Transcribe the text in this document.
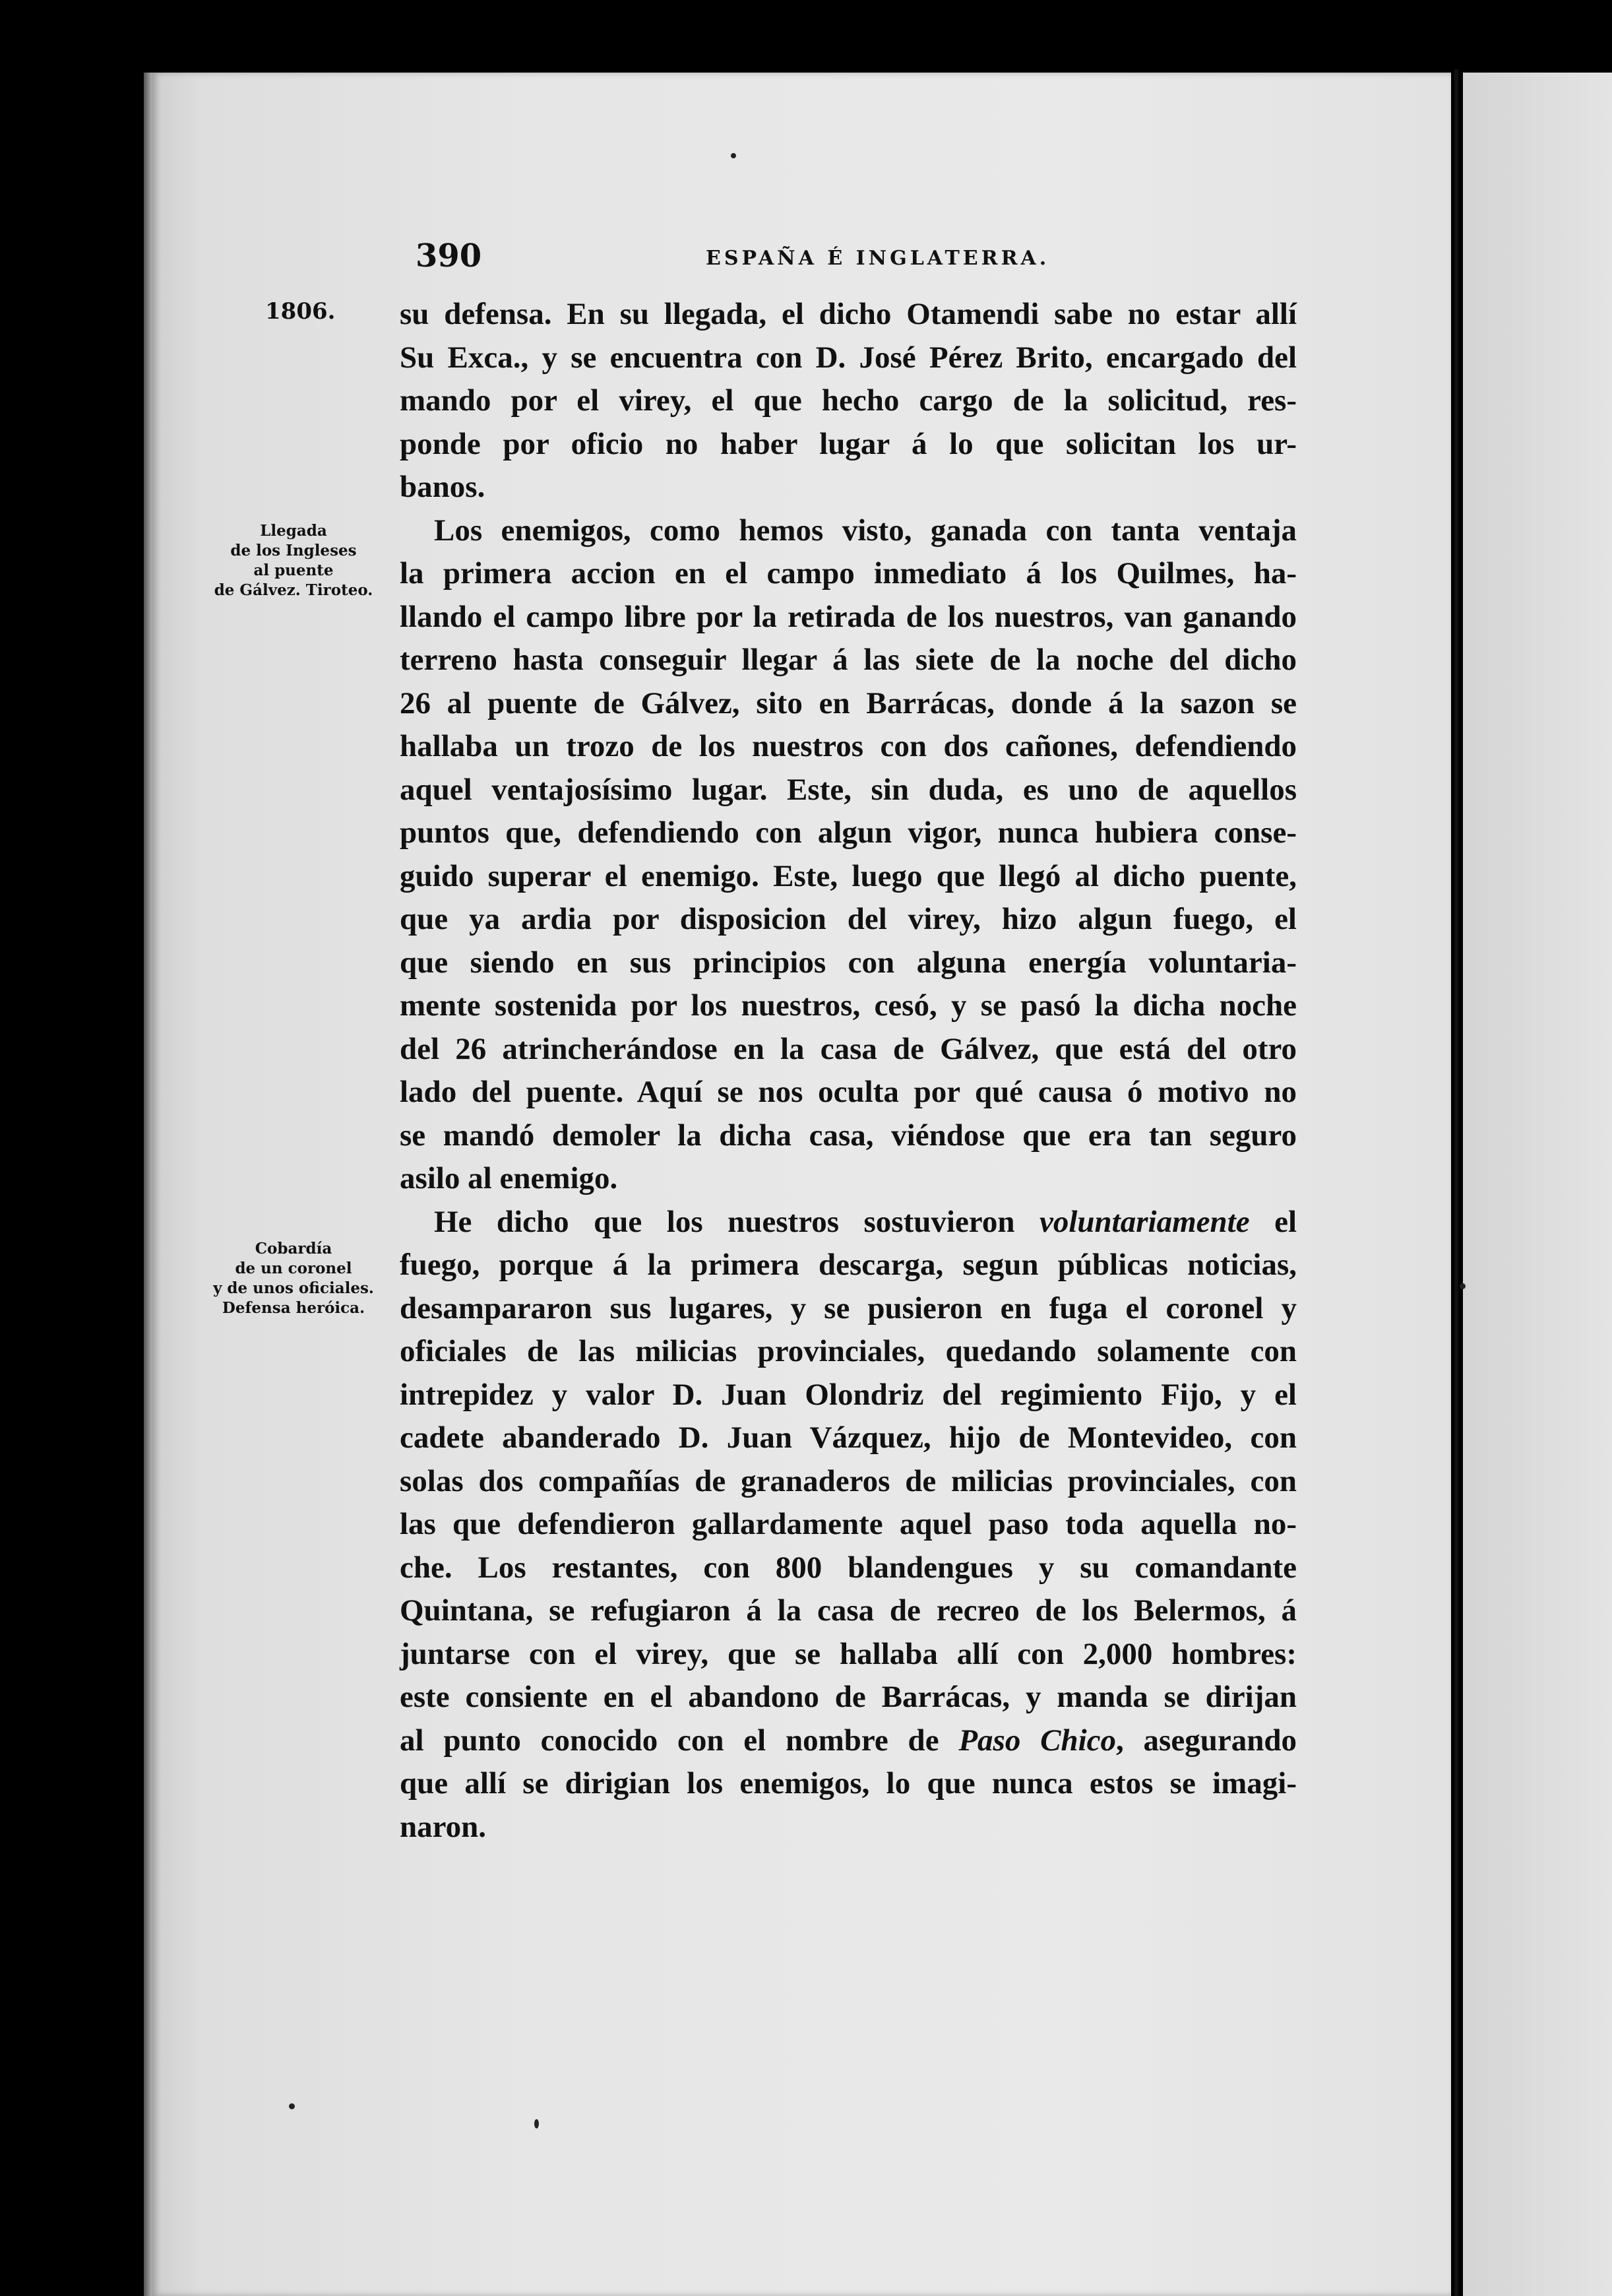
390	ESPAÑA É INGLATERRA.
1806.
Llegada
de los Ingleses
al puente
de Gálvez. Tiroteo.
Cobardía
de un coronel
y de unos oficiales.
Defensa heróica.

su defensa. En su llegada, el dicho Otamendi sabe no estar allí
Su Exca., y se encuentra con D. José Pérez Brito, encargado del
mando por el virey, el que hecho cargo de la solicitud, res-
ponde por oficio no haber lugar á lo que solicitan los ur-
banos.

Los enemigos, como hemos visto, ganada con tanta ventaja
la primera accion en el campo inmediato á los Quilmes, ha-
llando el campo libre por la retirada de los nuestros, van ganando
terreno hasta conseguir llegar á las siete de la noche del dicho
26 al puente de Gálvez, sito en Barrácas, donde á la sazon se
hallaba un trozo de los nuestros con dos cañones, defendiendo
aquel ventajosísimo lugar. Este, sin duda, es uno de aquellos
puntos que, defendiendo con algun vigor, nunca hubiera conse-
guido superar el enemigo. Este, luego que llegó al dicho puente,
que ya ardia por disposicion del virey, hizo algun fuego, el
que siendo en sus principios con alguna energía voluntaria-
mente sostenida por los nuestros, cesó, y se pasó la dicha noche
del 26 atrincherándose en la casa de Gálvez, que está del otro
lado del puente. Aquí se nos oculta por qué causa ó motivo no
se mandó demoler la dicha casa, viéndose que era tan seguro
asilo al enemigo.

He dicho que los nuestros sostuvieron voluntariamente el
fuego, porque á la primera descarga, segun públicas noticias,
desampararon sus lugares, y se pusieron en fuga el coronel y
oficiales de las milicias provinciales, quedando solamente con
intrepidez y valor D. Juan Olondriz del regimiento Fijo, y el
cadete abanderado D. Juan Vázquez, hijo de Montevideo, con
solas dos compañías de granaderos de milicias provinciales, con
las que defendieron gallardamente aquel paso toda aquella no-
che. Los restantes, con 800 blandengues y su comandante
Quintana, se refugiaron á la casa de recreo de los Belermos, á
juntarse con el virey, que se hallaba allí con 2,000 hombres:
este consiente en el abandono de Barrácas, y manda se dirijan
al punto conocido con el nombre de Paso Chico, asegurando
que allí se dirigian los enemigos, lo que nunca estos se imagi-
naron.
